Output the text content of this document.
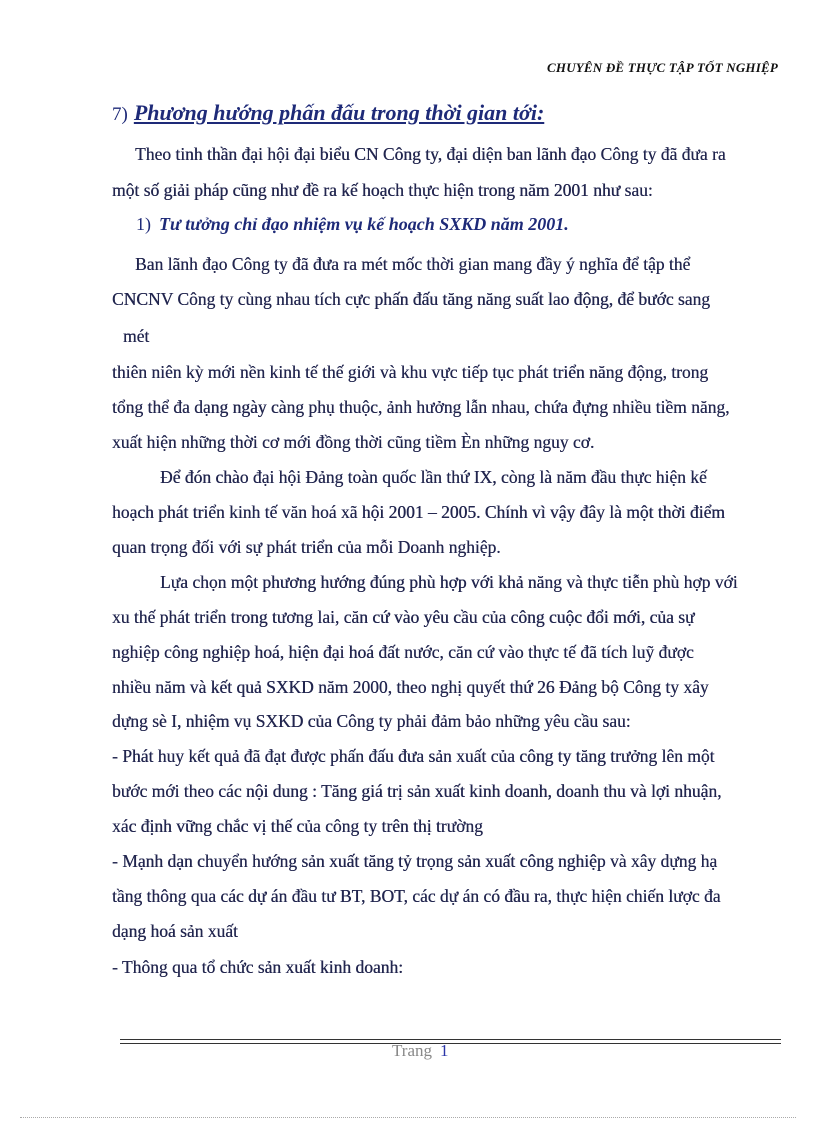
CHUYÊN ĐỀ THỰC TẬP TỐT NGHIỆP
7) Phương hướng phấn đấu trong thời gian tới:
Theo tinh thần đại hội đại biểu CN Công ty, đại diện ban lãnh đạo Công ty đã đưa ra
một số giải pháp cũng như đề ra kế hoạch thực hiện trong năm 2001 như sau:
1) Tư tưởng chỉ đạo nhiệm vụ kế hoạch SXKD năm 2001.
Ban lãnh đạo Công ty đã đưa ra mét mốc thời gian mang đầy ý nghĩa để tập thể
CNCNV Công ty cùng nhau tích cực phấn đấu tăng năng suất lao động, để bước sang
mét
thiên niên kỳ mới nền kinh tế thế giới và khu vực tiếp tục phát triển năng động, trong
tổng thể đa dạng ngày càng phụ thuộc, ảnh hưởng lẫn nhau, chứa đựng nhiều tiềm năng,
xuất hiện những thời cơ mới đồng thời cũng tiềm Èn những nguy cơ.
Để đón chào đại hội Đảng toàn quốc lần thứ IX, còng là năm đầu thực hiện kế
hoạch phát triển kinh tế văn hoá xã hội 2001 – 2005. Chính vì vậy đây là một thời điểm
quan trọng đối với sự phát triển của mỗi Doanh nghiệp.
Lựa chọn một phương hướng đúng phù hợp với khả năng và thực tiễn phù hợp với
xu thế phát triển trong tương lai, căn cứ vào yêu cầu của công cuộc đổi mới, của sự
nghiệp công nghiệp hoá, hiện đại hoá đất nước, căn cứ vào thực tế đã tích luỹ được
nhiều năm và kết quả SXKD năm 2000, theo nghị quyết thứ 26 Đảng bộ Công ty xây
dựng sè I, nhiệm vụ SXKD của Công ty phải đảm bảo những yêu cầu sau:
- Phát huy kết quả đã đạt được phấn đấu đưa sản xuất của công ty tăng trưởng lên một
bước mới theo các nội dung : Tăng giá trị sản xuất kinh doanh, doanh thu và lợi nhuận,
xác định vững chắc vị thế của công ty trên thị trường
- Mạnh dạn chuyển hướng sản xuất tăng tỷ trọng sản xuất công nghiệp và xây dựng hạ
tầng thông qua các dự án đầu tư BT, BOT, các dự án có đầu ra, thực hiện chiến lược đa
dạng hoá sản xuất
- Thông qua tổ chức sản xuất kinh doanh:
Trang 1
